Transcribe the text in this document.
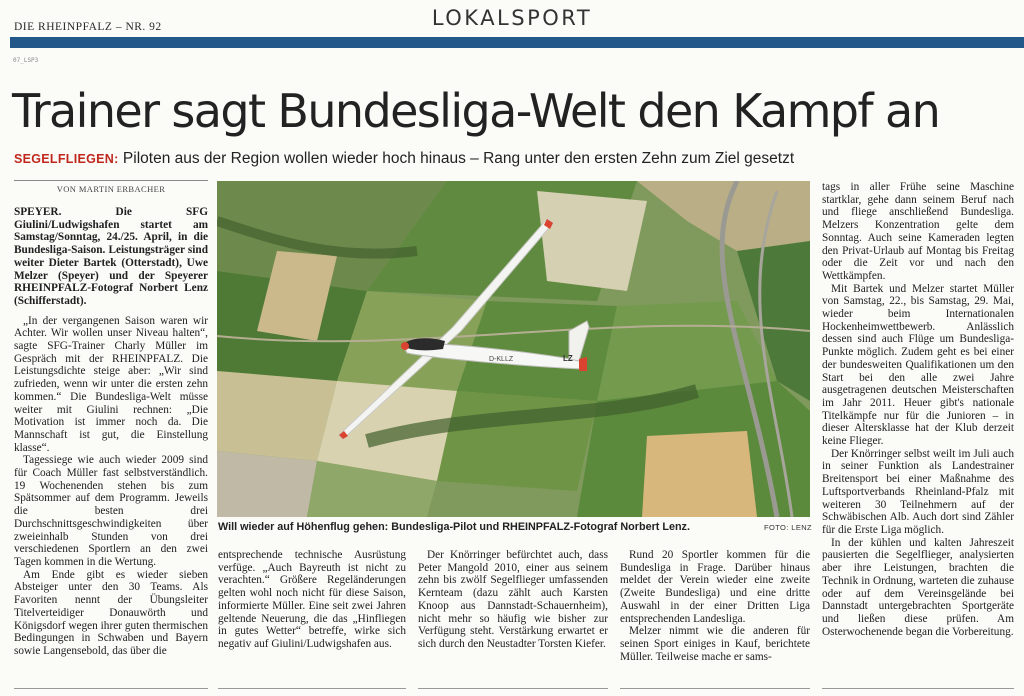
DIE RHEINPFALZ – NR. 92	LOKALSPORT
07_LSP3
Trainer sagt Bundesliga-Welt den Kampf an
SEGELFLIEGEN: Piloten aus der Region wollen wieder hoch hinaus – Rang unter den ersten Zehn zum Ziel gesetzt
VON MARTIN ERBACHER

SPEYER. Die SFG Giulini/Ludwigshafen startet am Samstag/Sonntag, 24./25. April, in die Bundesliga-Saison. Leistungsträger sind weiter Dieter Bartek (Otterstadt), Uwe Melzer (Speyer) und der Speyerer RHEINPFALZ-Fotograf Norbert Lenz (Schifferstadt).

„In der vergangenen Saison waren wir Achter. Wir wollen unser Niveau halten“, sagte SFG-Trainer Charly Müller im Gespräch mit der RHEINPFALZ. Die Leistungsdichte steige aber: „Wir sind zufrieden, wenn wir unter die ersten zehn kommen.“ Die Bundesliga-Welt müsse weiter mit Giulini rechnen: „Die Motivation ist immer noch da. Die Mannschaft ist gut, die Einstellung klasse“.

Tagessiege wie auch wieder 2009 sind für Coach Müller fast selbstverständlich. 19 Wochenenden stehen bis zum Spätsommer auf dem Programm. Jeweils die besten drei Durchschnittsgeschwindigkeiten über zweieinhalb Stunden von drei verschiedenen Sportlern an den zwei Tagen kommen in die Wertung.

Am Ende gibt es wieder sieben Absteiger unter den 30 Teams. Als Favoriten nennt der Übungsleiter Titelverteidiger Donauwörth und Königsdorf wegen ihrer guten thermischen Bedingungen in Schwaben und Bayern sowie Langensebold, das über die

D-KLLZ	LZ
Will wieder auf Höhenflug gehen: Bundesliga-Pilot und RHEINPFALZ-Fotograf Norbert Lenz.	FOTO: LENZ

entsprechende technische Ausrüstung verfüge. „Auch Bayreuth ist nicht zu verachten.“ Größere Regeländerungen gelten wohl noch nicht für diese Saison, informierte Müller. Eine seit zwei Jahren geltende Neuerung, die das „Hinfliegen in gutes Wetter“ betreffe, wirke sich negativ auf Giulini/Ludwigshafen aus.

Der Knörringer befürchtet auch, dass Peter Mangold 2010, einer aus seinem zehn bis zwölf Segelflieger umfassenden Kernteam (dazu zählt auch Karsten Knoop aus Dannstadt-Schauernheim), nicht mehr so häufig wie bisher zur Verfügung steht. Verstärkung erwartet er sich durch den Neustadter Torsten Kiefer.

Rund 20 Sportler kommen für die Bundesliga in Frage. Darüber hinaus meldet der Verein wieder eine zweite (Zweite Bundesliga) und eine dritte Auswahl in der einer Dritten Liga entsprechenden Landesliga.

Melzer nimmt wie die anderen für seinen Sport einiges in Kauf, berichtete Müller. Teilweise mache er sams-

tags in aller Frühe seine Maschine startklar, gehe dann seinem Beruf nach und fliege anschließend Bundesliga. Melzers Konzentration gelte dem Sonntag. Auch seine Kameraden legten den Privat-Urlaub auf Montag bis Freitag oder die Zeit vor und nach den Wettkämpfen.

Mit Bartek und Melzer startet Müller von Samstag, 22., bis Samstag, 29. Mai, wieder beim Internationalen Hockenheimwettbewerb. Anlässlich dessen sind auch Flüge um Bundesliga-Punkte möglich. Zudem geht es bei einer der bundesweiten Qualifikationen um den Start bei den alle zwei Jahre ausgetragenen deutschen Meisterschaften im Jahr 2011. Heuer gibt's nationale Titelkämpfe nur für die Junioren – in dieser Altersklasse hat der Klub derzeit keine Flieger.

Der Knörringer selbst weilt im Juli auch in seiner Funktion als Landestrainer Breitensport bei einer Maßnahme des Luftsportverbands Rheinland-Pfalz mit weiteren 30 Teilnehmern auf der Schwäbischen Alb. Auch dort sind Zähler für die Erste Liga möglich.

In der kühlen und kalten Jahreszeit pausierten die Segelflieger, analysierten aber ihre Leistungen, brachten die Technik in Ordnung, warteten die zuhause oder auf dem Vereinsgelände bei Dannstadt untergebrachten Sportgeräte und ließen diese prüfen. Am Osterwochenende began die Vorbereitung.
